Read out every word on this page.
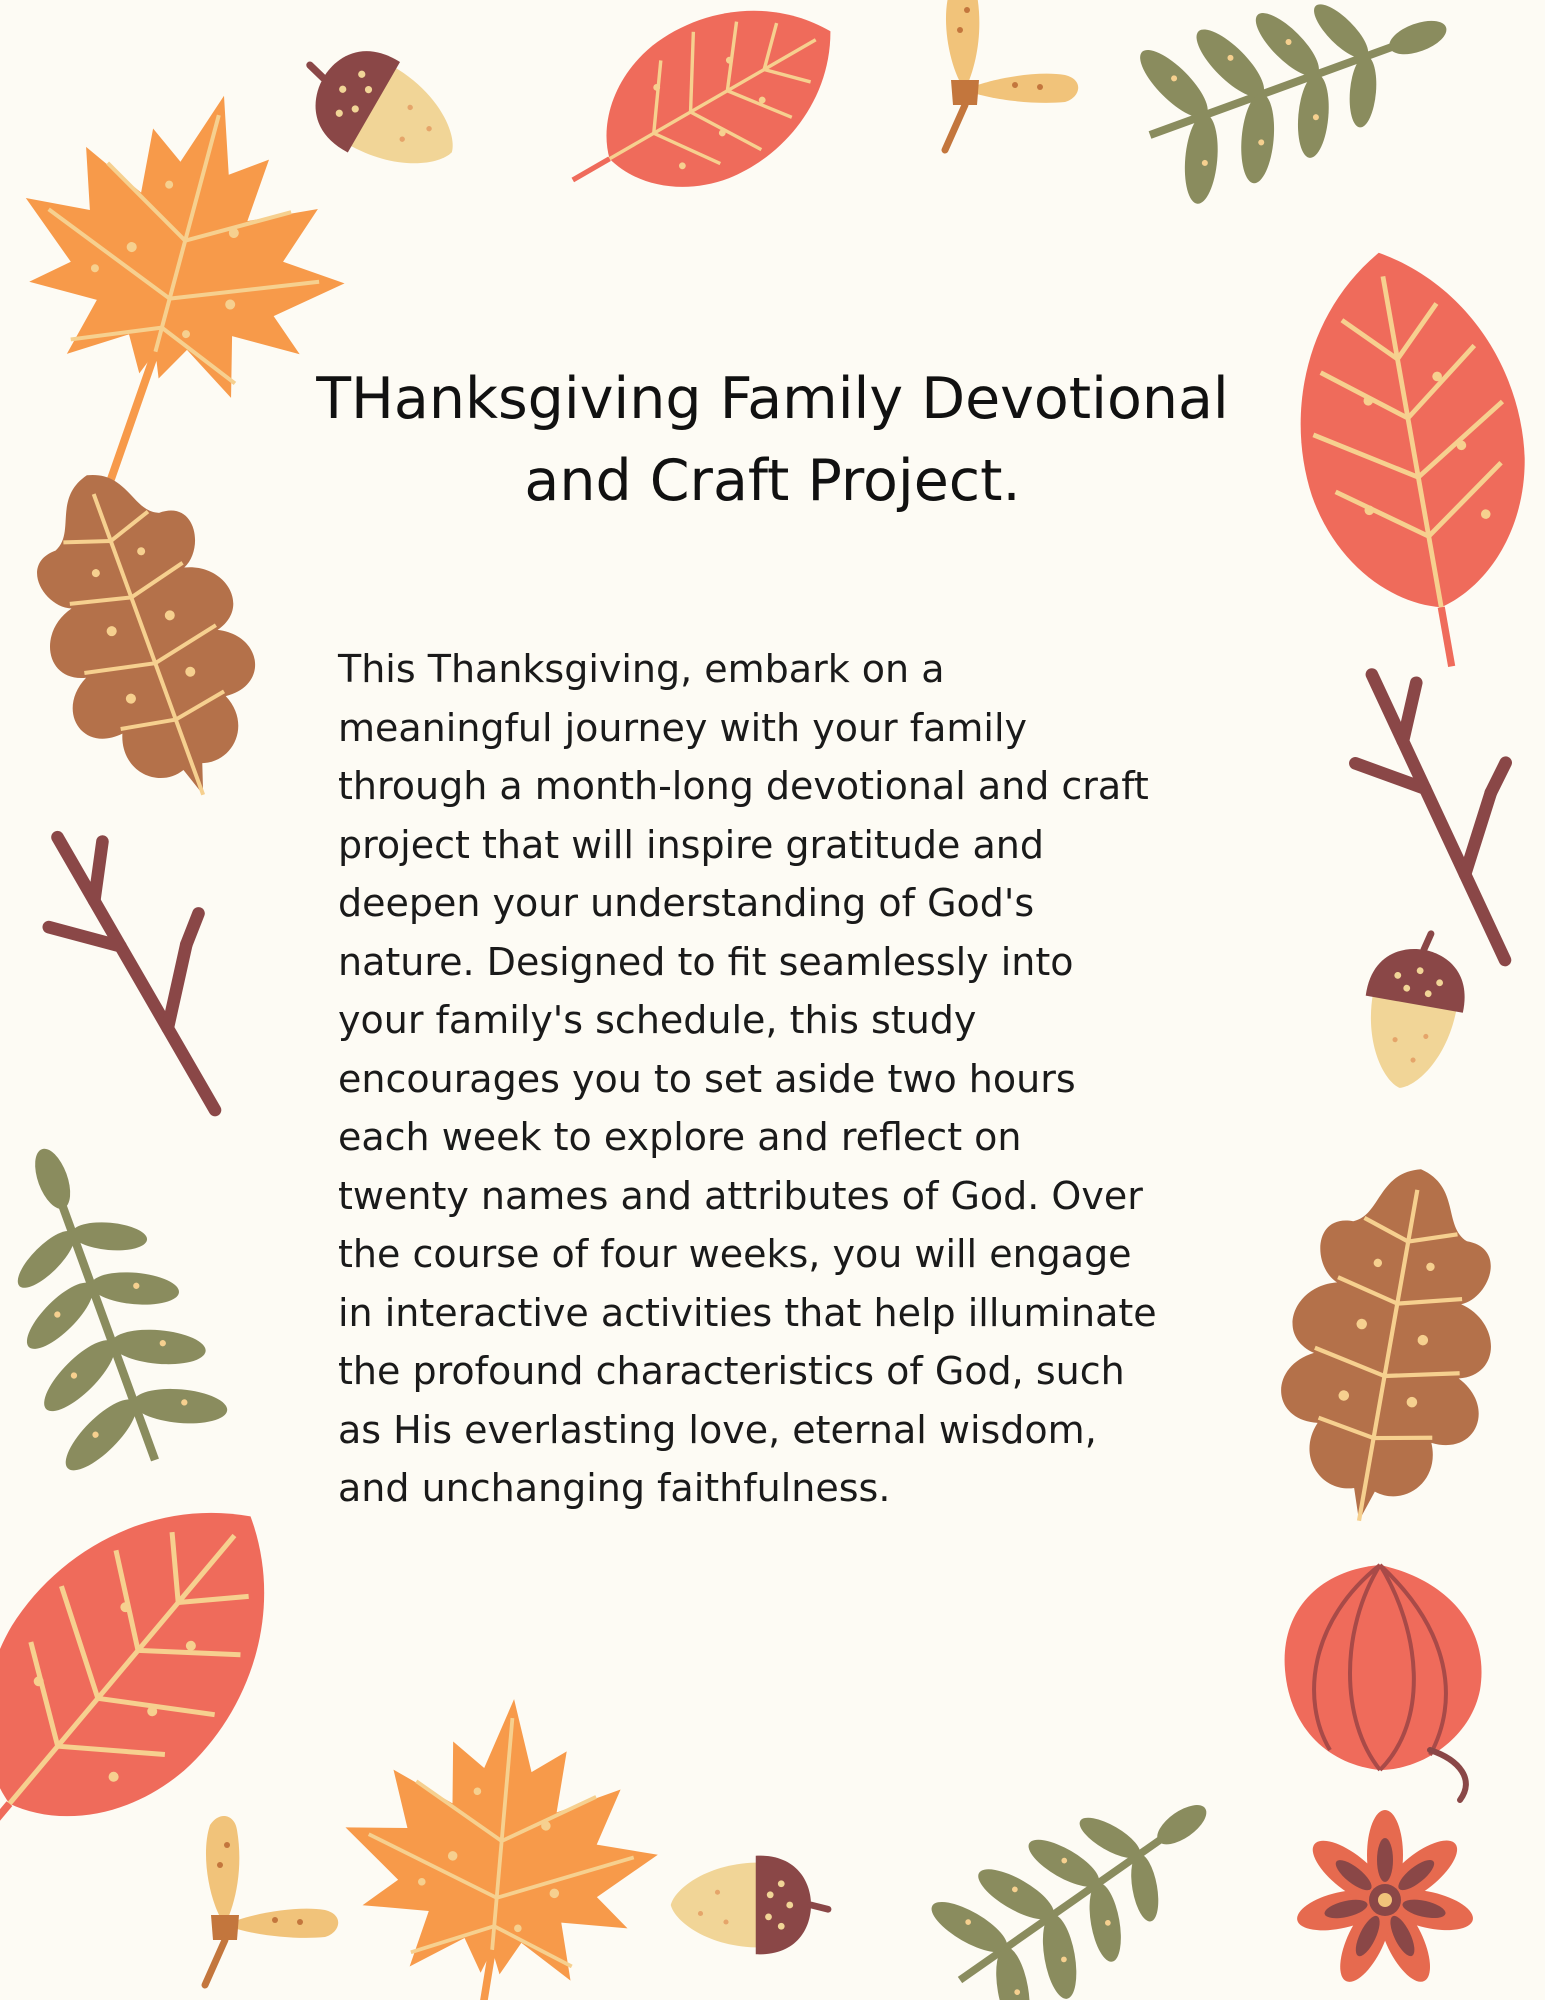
THanksgiving Family Devotional
and Craft Project.
This Thanksgiving, embark on a
meaningful journey with your family
through a month-long devotional and craft
project that will inspire gratitude and
deepen your understanding of God's
nature. Designed to fit seamlessly into
your family's schedule, this study
encourages you to set aside two hours
each week to explore and reflect on
twenty names and attributes of God. Over
the course of four weeks, you will engage
in interactive activities that help illuminate
the profound characteristics of God, such
as His everlasting love, eternal wisdom,
and unchanging faithfulness.
